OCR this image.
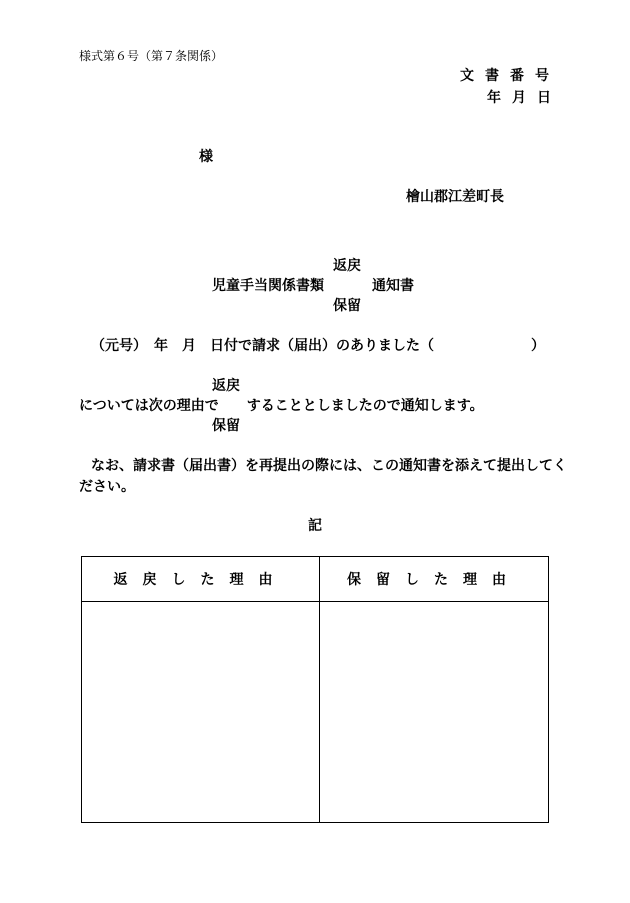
様式第６号（第７条関係）
文書番号
年月日
様
檜山郡江差町長
返戻
児童手当関係書類	通知書
保留
（元号）　年　月　日付で請求（届出）のありました（	）
返戻
については次の理由で　　することとしましたので通知します。
保留
なお、請求書（届出書）を再提出の際には、この通知書を添えて提出してく
ださい。
記
返戻した理由	保留した理由
